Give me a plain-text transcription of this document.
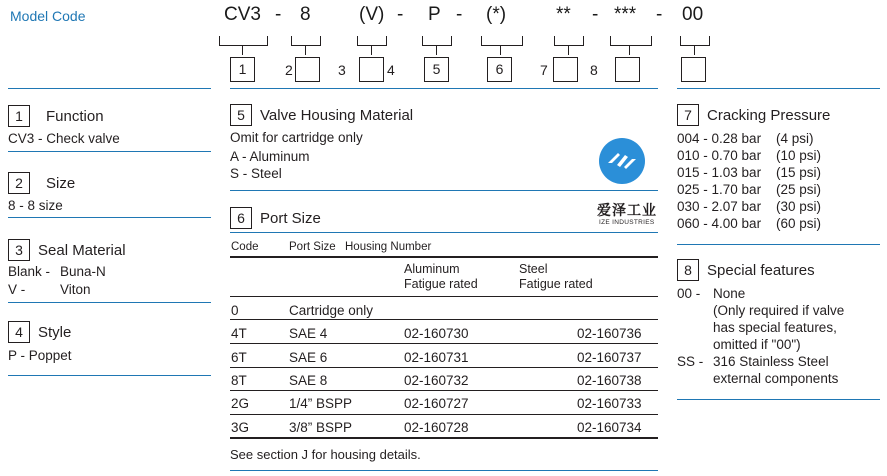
Model Code	CV3 - 8	(V) - P - (*)	** - *** - 00
1	2	3	4	5	6	7	8
1 Function
CV3 - Check valve
2 Size
8 - 8 size
3 Seal Material
Blank - Buna-N
V -	Viton
4 Style
P - Poppet
5 Valve Housing Material
Omit for cartridge only
A - Aluminum
S - Steel
爱泽工业
IZE INDUSTRIES
6 Port Size
Code	Port Size Housing Number
Aluminum
Fatigue rated
Steel
Fatigue rated
0	Cartridge only
4T	SAE 4	02-160730	02-160736
6T	SAE 6	02-160731	02-160737
8T	SAE 8	02-160732	02-160738
2G	1/4” BSPP	02-160727	02-160733
3G	3/8” BSPP	02-160728	02-160734
See section J for housing details.
7 Cracking Pressure
004 - 0.28 bar (4 psi)
010 - 0.70 bar (10 psi)
015 - 1.03 bar (15 psi)
025 - 1.70 bar (25 psi)
030 - 2.07 bar (30 psi)
060 - 4.00 bar (60 psi)
8 Special features
00 - None
(Only required if valve
has special features,
omitted if "00")
SS - 316 Stainless Steel
external components
